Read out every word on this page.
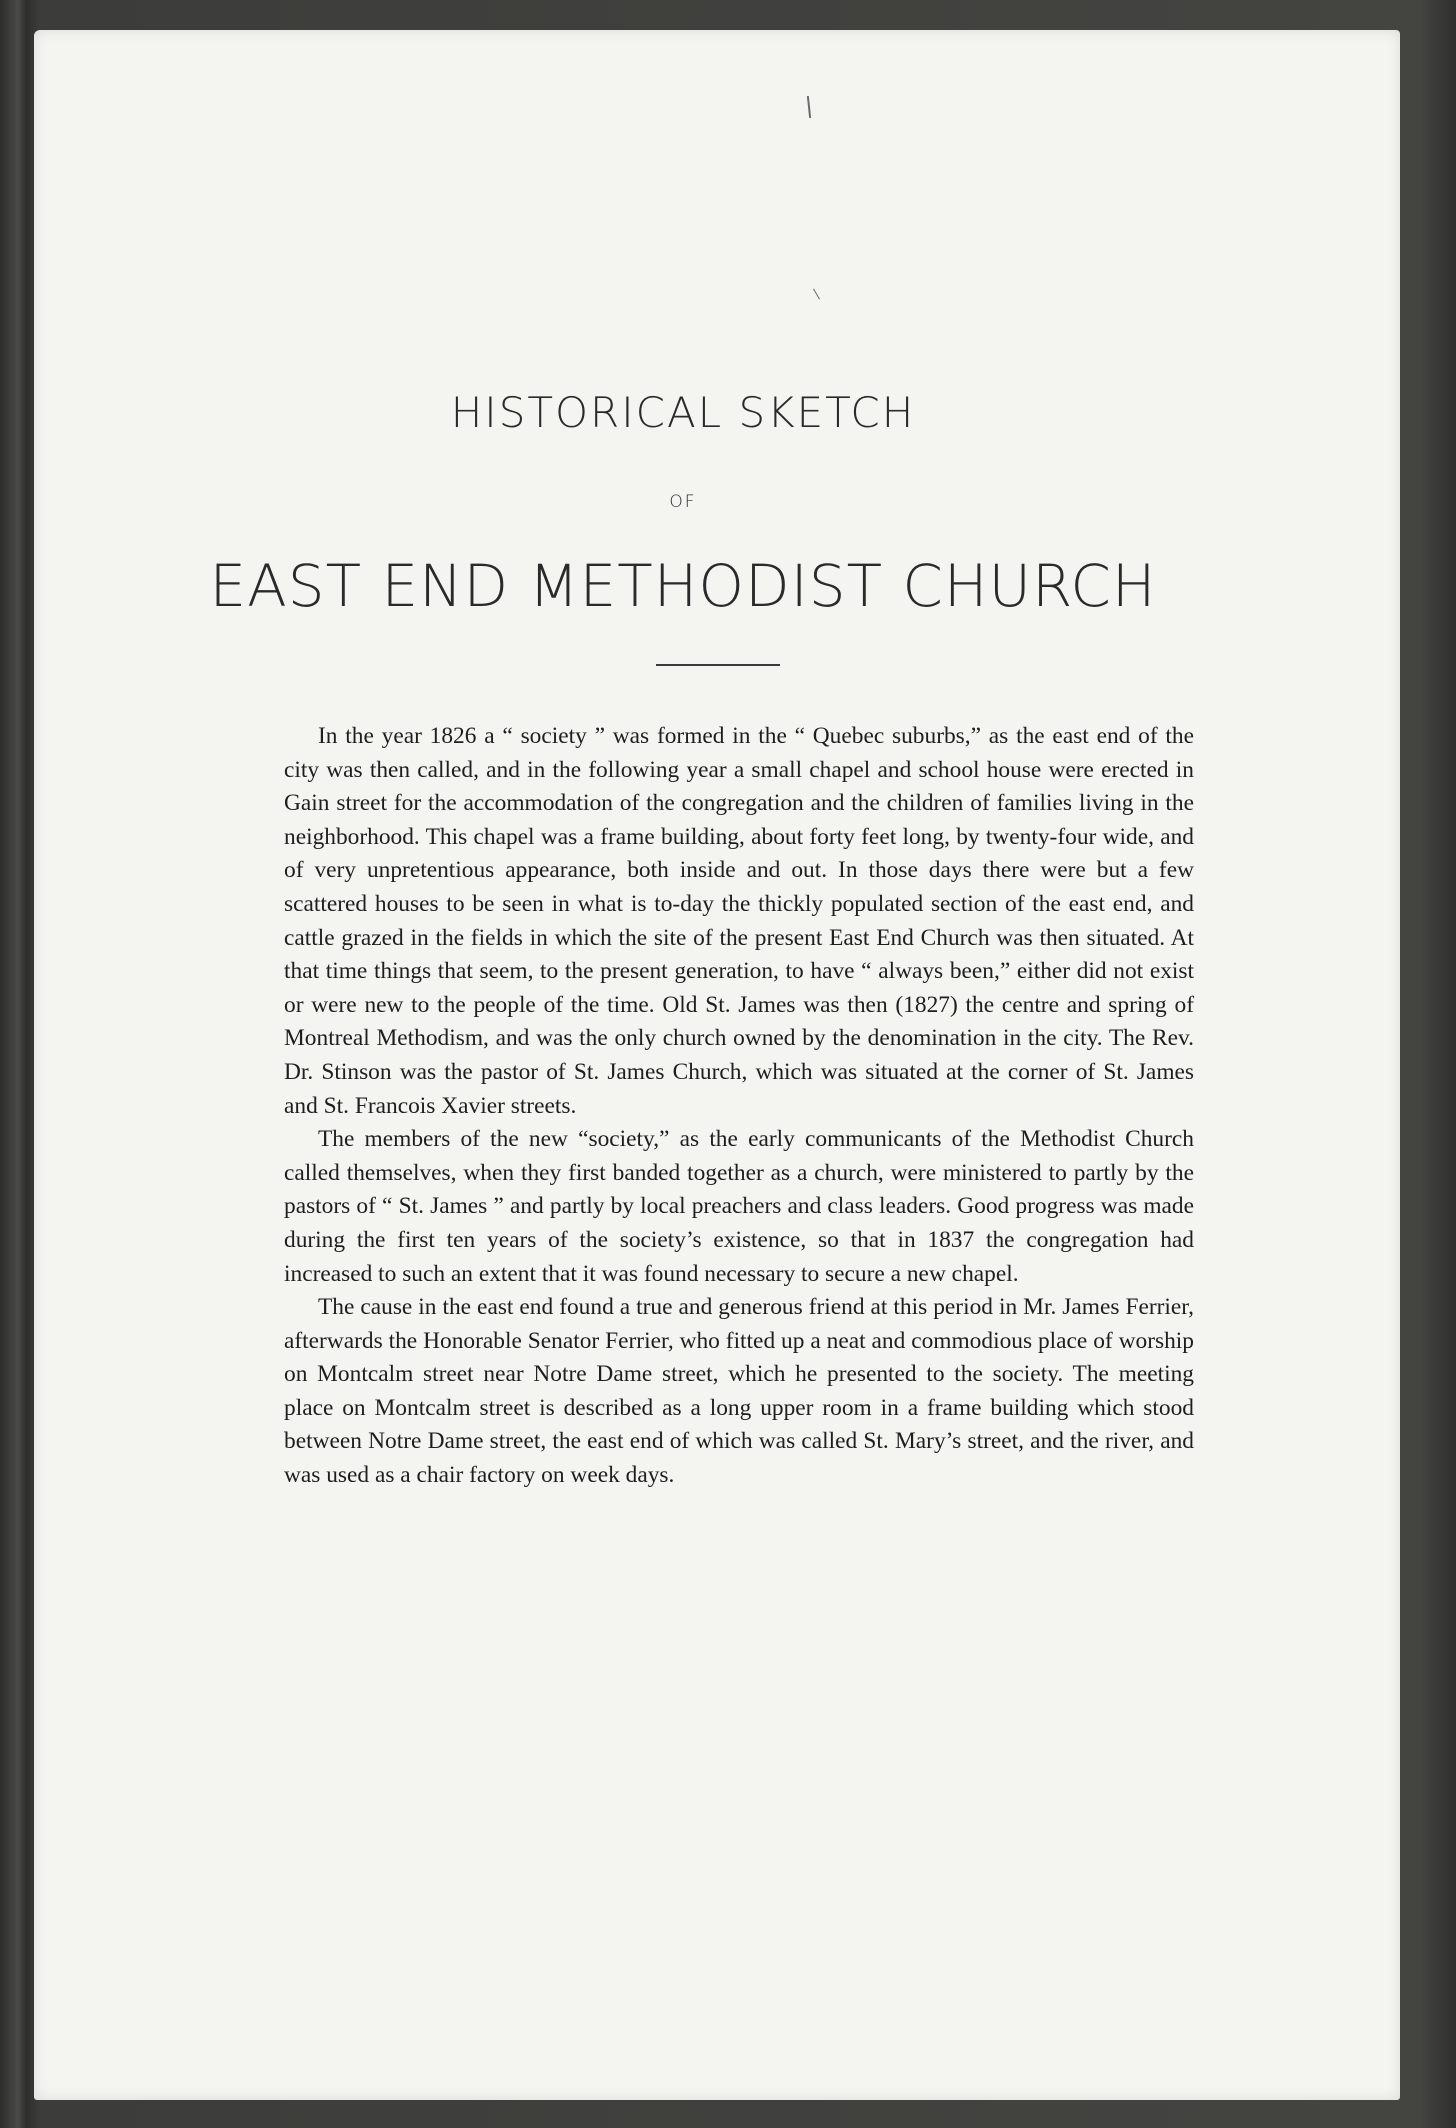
HISTORICAL SKETCH
OF
EAST END METHODIST CHURCH

In the year 1826 a “ society ” was formed in the “ Quebec suburbs,” as the east end of the city was then called, and in the following year a small chapel and school house were erected in Gain street for the accommodation of the congregation and the children of families living in the neighborhood. This chapel was a frame building, about forty feet long, by twenty-four wide, and of very unpretentious appearance, both inside and out. In those days there were but a few scattered houses to be seen in what is to-day the thickly populated section of the east end, and cattle grazed in the fields in which the site of the present East End Church was then situated. At that time things that seem, to the present generation, to have “ always been,” either did not exist or were new to the people of the time. Old St. James was then (1827) the centre and spring of Montreal Methodism, and was the only church owned by the denomination in the city. The Rev. Dr. Stinson was the pastor of St. James Church, which was situated at the corner of St. James and St. Francois Xavier streets.

The members of the new “society,” as the early communicants of the Methodist Church called themselves, when they first banded together as a church, were ministered to partly by the pastors of “ St. James ” and partly by local preachers and class leaders. Good progress was made during the first ten years of the society’s existence, so that in 1837 the congregation had increased to such an extent that it was found necessary to secure a new chapel.

The cause in the east end found a true and generous friend at this period in Mr. James Ferrier, afterwards the Honorable Senator Ferrier, who fitted up a neat and commodious place of worship on Montcalm street near Notre Dame street, which he presented to the society. The meeting place on Montcalm street is described as a long upper room in a frame building which stood between Notre Dame street, the east end of which was called St. Mary’s street, and the river, and was used as a chair factory on week days.
